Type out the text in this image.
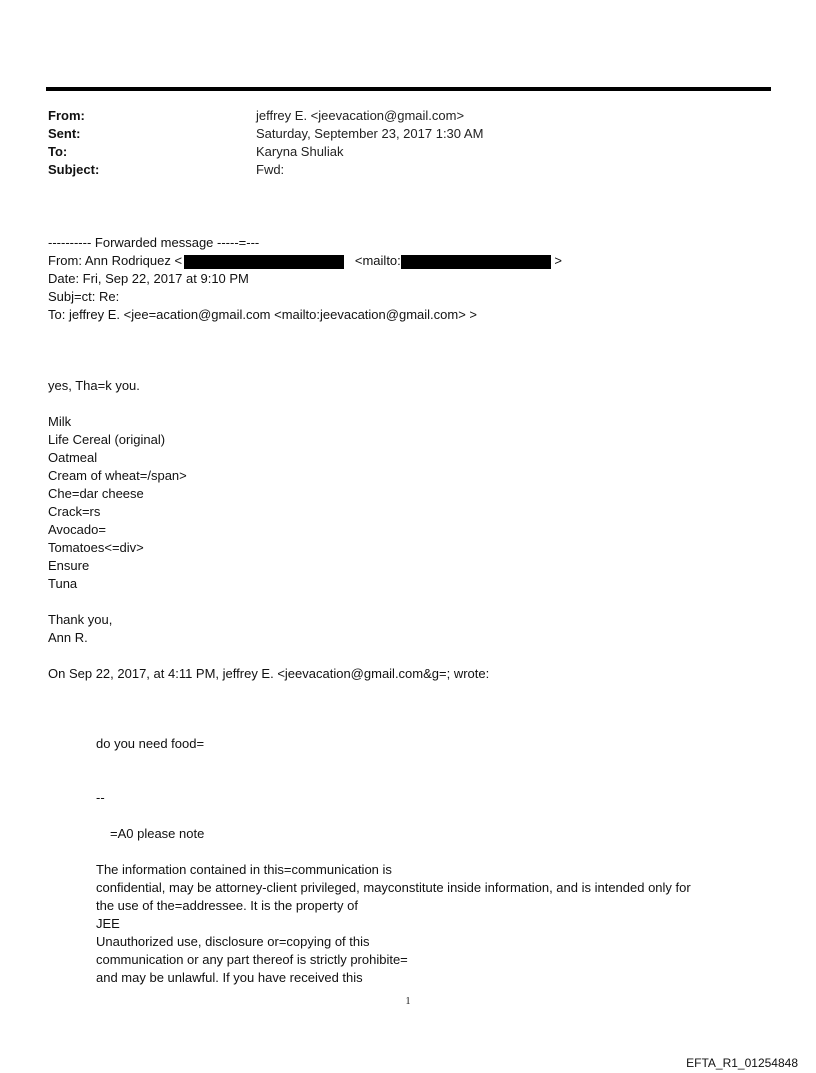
From:	jeffrey E. <jeevacation@gmail.com>
Sent:	Saturday, September 23, 2017 1:30 AM
To:	Karyna Shuliak
Subject:	Fwd:
---------- Forwarded message -----=---
From: Ann Rodriquez <	<mailto:	>
Date: Fri, Sep 22, 2017 at 9:10 PM
Subj=ct: Re:
To: jeffrey E. <jee=acation@gmail.com <mailto:jeevacation@gmail.com> >
yes, Tha=k you.
Milk
Life Cereal (original)
Oatmeal
Cream of wheat=/span>
Che=dar cheese
Crack=rs
Avocado=
Tomatoes<=div>
Ensure
Tuna
Thank you,
Ann R.
On Sep 22, 2017, at 4:11 PM, jeffrey E. <jeevacation@gmail.com&g=; wrote:
do you need food=
--
=A0 please note
The information contained in this=communication is
confidential, may be attorney-client privileged, mayconstitute inside information, and is intended only for
the use of the=addressee. It is the property of
JEE
Unauthorized use, disclosure or=copying of this
communication or any part thereof is strictly prohibite=
and may be unlawful. If you have received this
1
EFTA_R1_01254848
